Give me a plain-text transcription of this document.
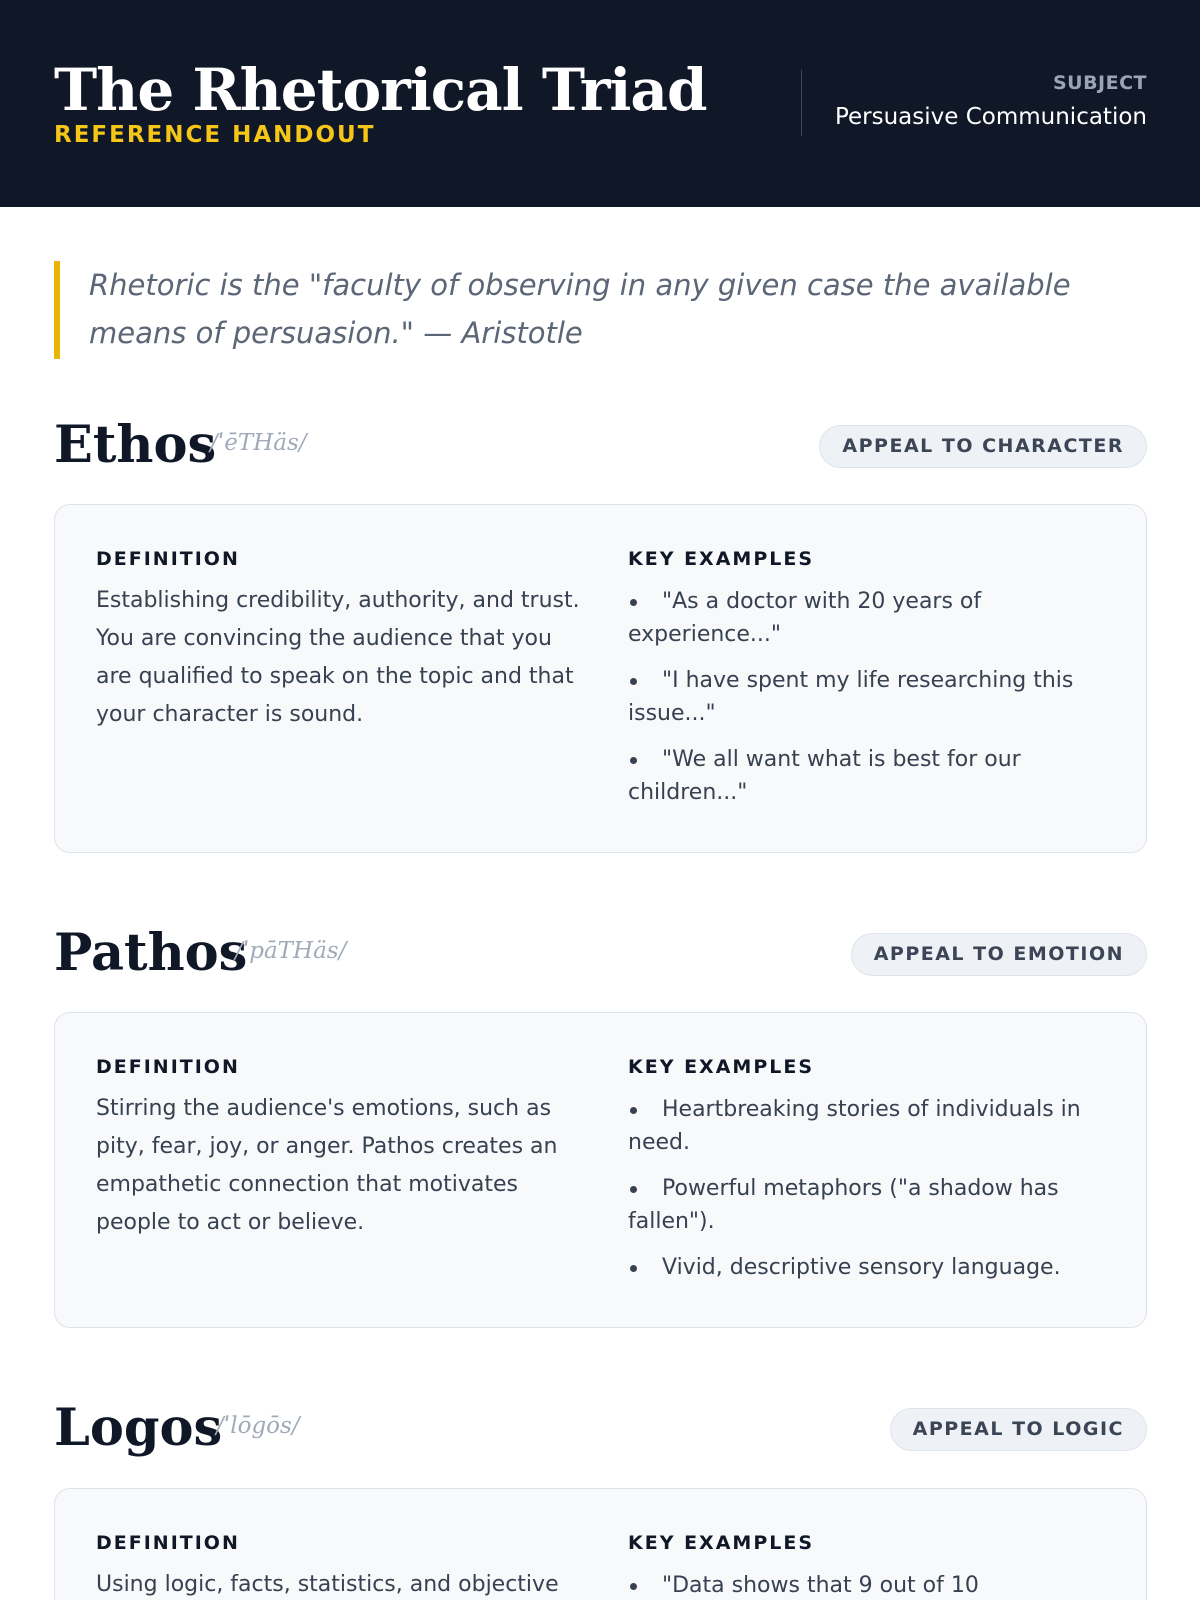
The Rhetorical Triad
REFERENCE HANDOUT
SUBJECT
Persuasive Communication
Rhetoric is the "faculty of observing in any given case the available means of persuasion." — Aristotle
Ethos
/ˈēTHäs/	APPEAL TO CHARACTER
DEFINITION
Establishing credibility, authority, and trust. You are convincing the audience that you are qualified to speak on the topic and that your character is sound.
KEY EXAMPLES
"As a doctor with 20 years of experience..."
"I have spent my life researching this issue..."
"We all want what is best for our children..."
Pathos
/ˈpāTHäs/	APPEAL TO EMOTION
DEFINITION
Stirring the audience's emotions, such as pity, fear, joy, or anger. Pathos creates an empathetic connection that motivates people to act or believe.
KEY EXAMPLES
Heartbreaking stories of individuals in need.
Powerful metaphors ("a shadow has fallen").
Vivid, descriptive sensory language.
Logos
/ˈlōgōs/	APPEAL TO LOGIC
DEFINITION
Using logic, facts, statistics, and objective
KEY EXAMPLES
"Data shows that 9 out of 10
